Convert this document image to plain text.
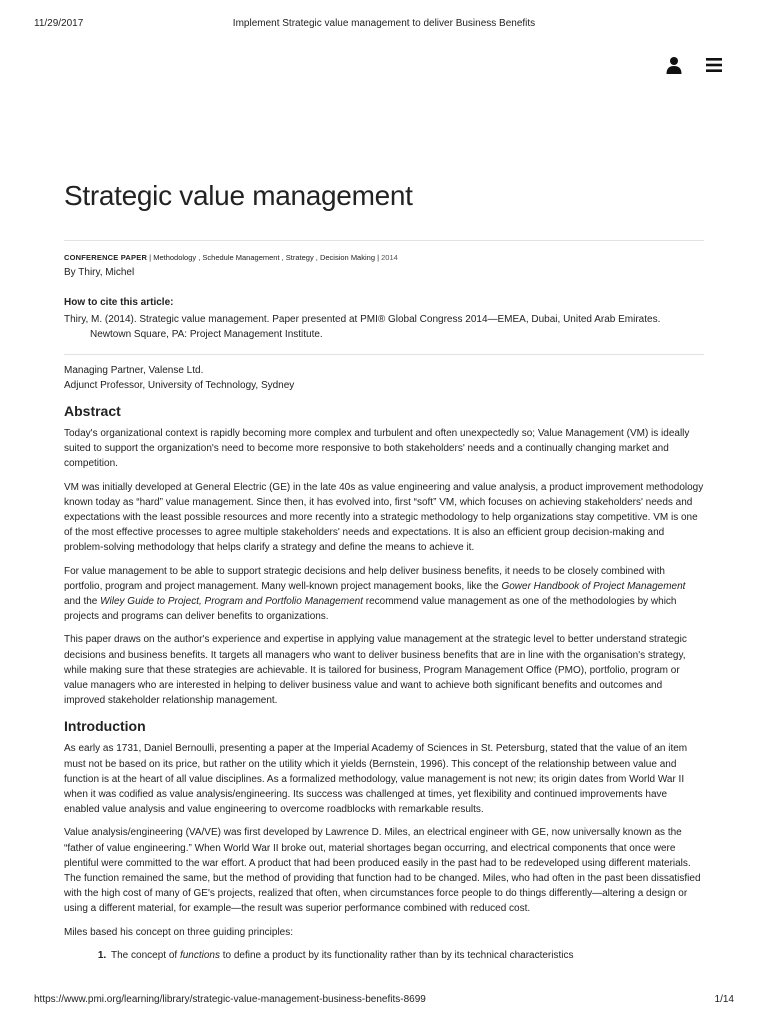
11/29/2017	Implement Strategic value management to deliver Business Benefits
Strategic value management
CONFERENCE PAPER | Methodology , Schedule Management , Strategy , Decision Making | 2014
By Thiry, Michel
How to cite this article:
Thiry, M. (2014). Strategic value management. Paper presented at PMI® Global Congress 2014—EMEA, Dubai, United Arab Emirates. Newtown Square, PA: Project Management Institute.
Managing Partner, Valense Ltd.
Adjunct Professor, University of Technology, Sydney
Abstract

Today's organizational context is rapidly becoming more complex and turbulent and often unexpectedly so; Value Management (VM) is ideally suited to support the organization's need to become more responsive to both stakeholders' needs and a continually changing market and competition.

VM was initially developed at General Electric (GE) in the late 40s as value engineering and value analysis, a product improvement methodology known today as “hard” value management. Since then, it has evolved into, first “soft” VM, which focuses on achieving stakeholders' needs and expectations with the least possible resources and more recently into a strategic methodology to help organizations stay competitive. VM is one of the most effective processes to agree multiple stakeholders' needs and expectations. It is also an efficient group decision-making and problem-solving methodology that helps clarify a strategy and define the means to achieve it.

For value management to be able to support strategic decisions and help deliver business benefits, it needs to be closely combined with portfolio, program and project management. Many well-known project management books, like the Gower Handbook of Project Management and the Wiley Guide to Project, Program and Portfolio Management recommend value management as one of the methodologies by which projects and programs can deliver benefits to organizations.

This paper draws on the author's experience and expertise in applying value management at the strategic level to better understand strategic decisions and business benefits. It targets all managers who want to deliver business benefits that are in line with the organisation's strategy, while making sure that these strategies are achievable. It is tailored for business, Program Management Office (PMO), portfolio, program or value managers who are interested in helping to deliver business value and want to achieve both significant benefits and outcomes and improved stakeholder relationship management.

Introduction

As early as 1731, Daniel Bernoulli, presenting a paper at the Imperial Academy of Sciences in St. Petersburg, stated that the value of an item must not be based on its price, but rather on the utility which it yields (Bernstein, 1996). This concept of the relationship between value and function is at the heart of all value disciplines. As a formalized methodology, value management is not new; its origin dates from World War II when it was codified as value analysis/engineering. Its success was challenged at times, yet flexibility and continued improvements have enabled value analysis and value engineering to overcome roadblocks with remarkable results.

Value analysis/engineering (VA/VE) was first developed by Lawrence D. Miles, an electrical engineer with GE, now universally known as the “father of value engineering.” When World War II broke out, material shortages began occurring, and electrical components that once were plentiful were committed to the war effort. A product that had been produced easily in the past had to be redeveloped using different materials. The function remained the same, but the method of providing that function had to be changed. Miles, who had often in the past been dissatisfied with the high cost of many of GE's projects, realized that often, when circumstances force people to do things differently—altering a design or using a different material, for example—the result was superior performance combined with reduced cost.

Miles based his concept on three guiding principles:

1. The concept of functions to define a product by its functionality rather than by its technical characteristics
https://www.pmi.org/learning/library/strategic-value-management-business-benefits-8699	1/14
